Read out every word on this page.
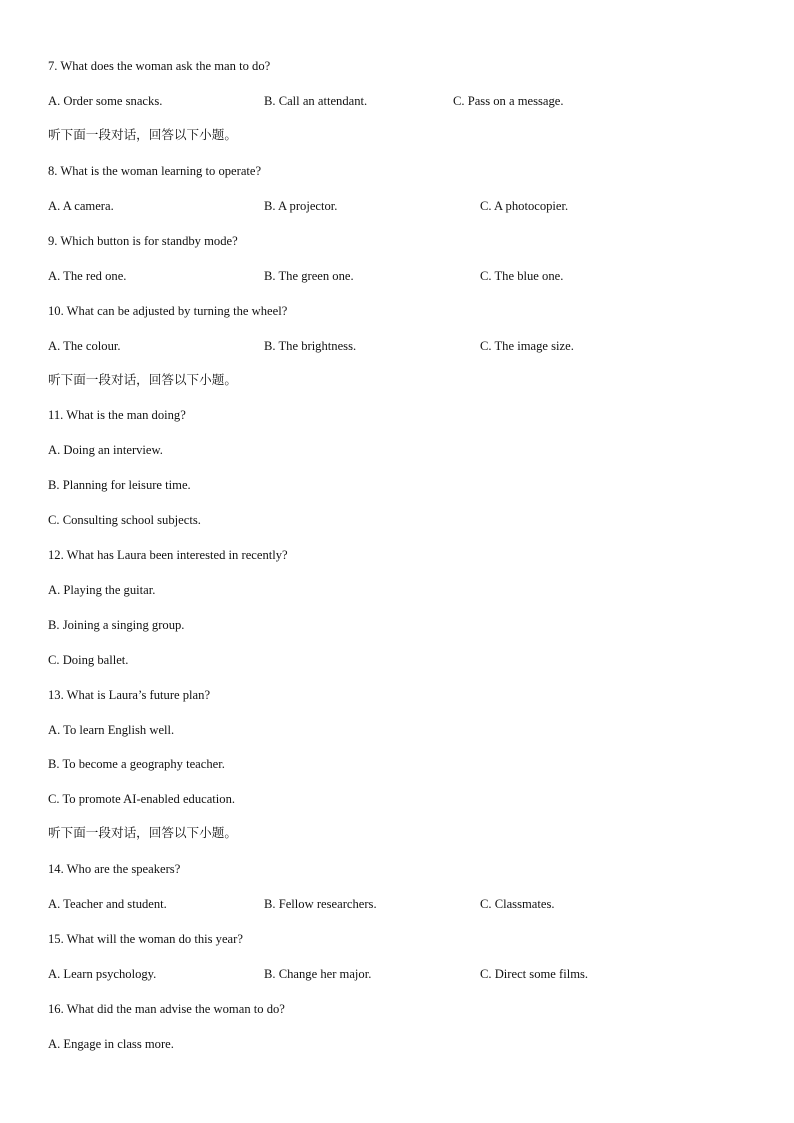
7. What does the woman ask the man to do?
A. Order some snacks.	B. Call an attendant.	C. Pass on a message.
听下面一段对话，回答以下小题。
8. What is the woman learning to operate?
A. A camera.	B. A projector.	C. A photocopier.
9. Which button is for standby mode?
A. The red one.	B. The green one.	C. The blue one.
10. What can be adjusted by turning the wheel?
A. The colour.	B. The brightness.	C. The image size.
听下面一段对话，回答以下小题。
11. What is the man doing?
A. Doing an interview.
B. Planning for leisure time.
C. Consulting school subjects.
12. What has Laura been interested in recently?
A. Playing the guitar.
B. Joining a singing group.
C. Doing ballet.
13. What is Laura’s future plan?
A. To learn English well.
B. To become a geography teacher.
C. To promote AI-enabled education.
听下面一段对话，回答以下小题。
14. Who are the speakers?
A. Teacher and student.	B. Fellow researchers.	C. Classmates.
15. What will the woman do this year?
A. Learn psychology.	B. Change her major.	C. Direct some films.
16. What did the man advise the woman to do?
A. Engage in class more.
